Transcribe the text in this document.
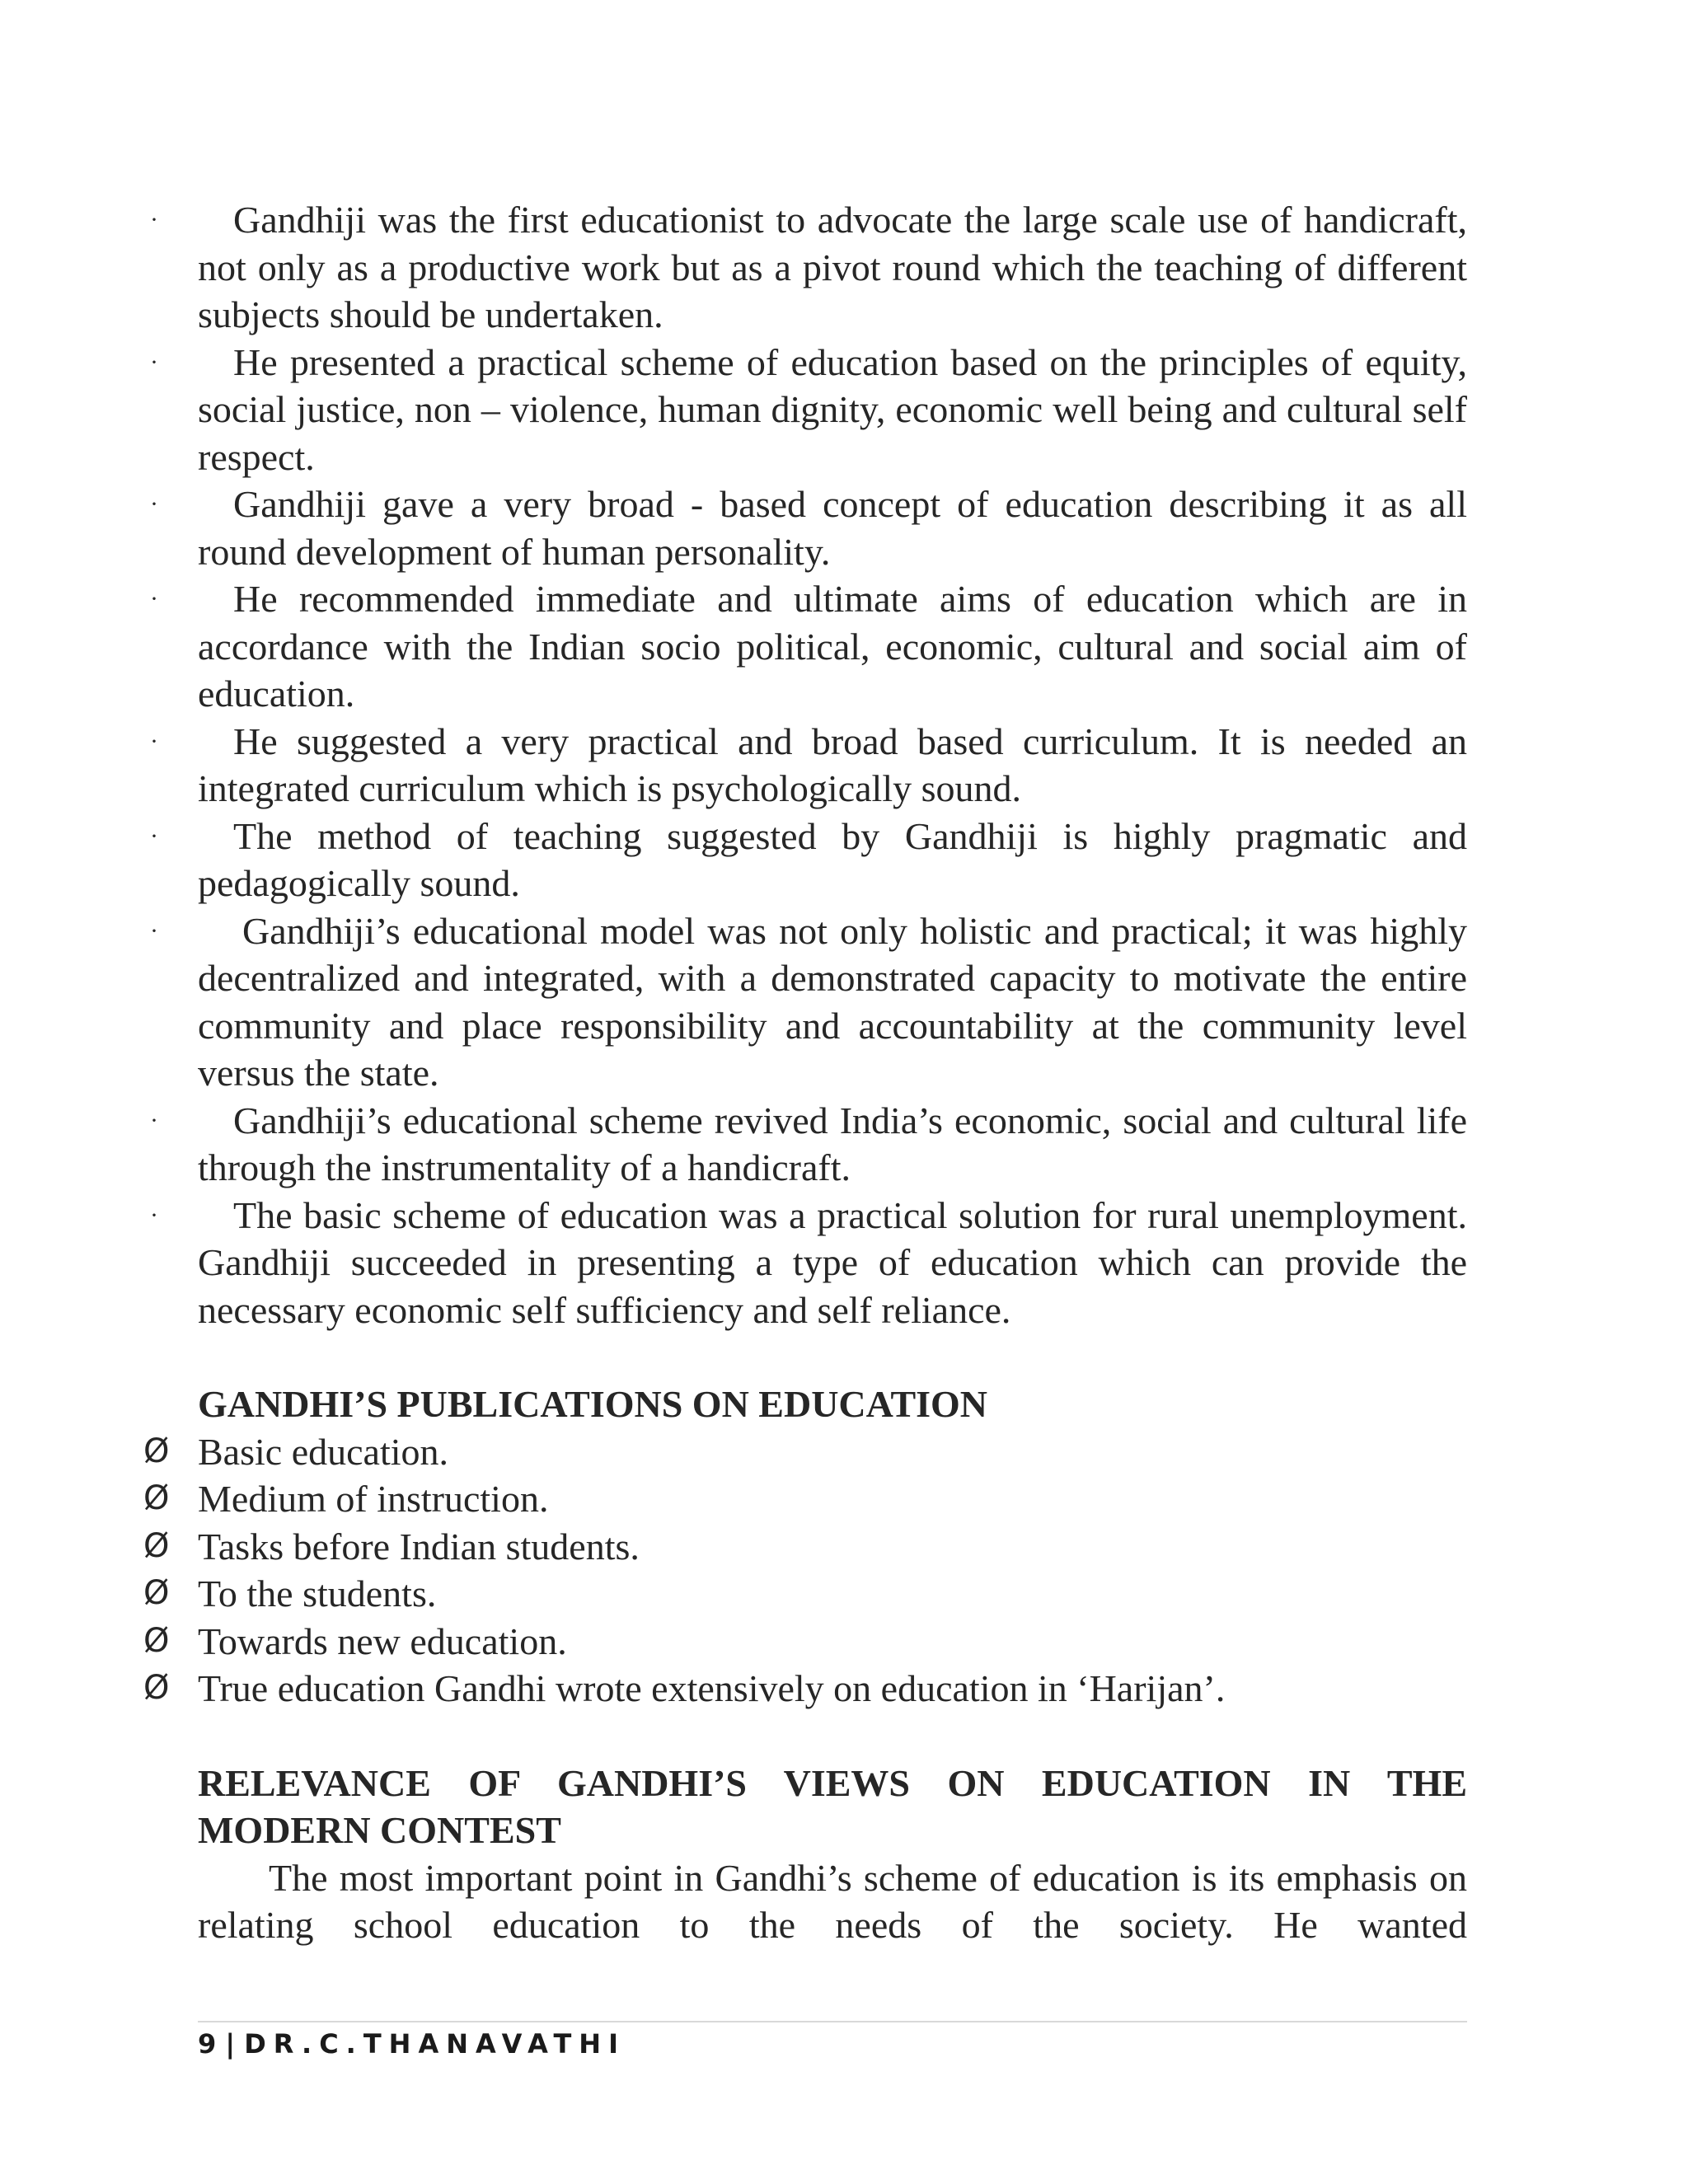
· Gandhiji was the first educationist to advocate the large scale use of handicraft, not only as a productive work but as a pivot round which the teaching of different subjects should be undertaken.
· He presented a practical scheme of education based on the principles of equity, social justice, non – violence, human dignity, economic well being and cultural self respect.
· Gandhiji gave a very broad - based concept of education describing it as all round development of human personality.
· He recommended immediate and ultimate aims of education which are in accordance with the Indian socio political, economic, cultural and social aim of education.
· He suggested a very practical and broad based curriculum. It is needed an integrated curriculum which is psychologically sound.
· The method of teaching suggested by Gandhiji is highly pragmatic and pedagogically sound.
· Gandhiji’s educational model was not only holistic and practical; it was highly decentralized and integrated, with a demonstrated capacity to motivate the entire community and place responsibility and accountability at the community level versus the state.
· Gandhiji’s educational scheme revived India’s economic, social and cultural life through the instrumentality of a handicraft.
· The basic scheme of education was a practical solution for rural unemployment. Gandhiji succeeded in presenting a type of education which can provide the necessary economic self sufficiency and self reliance.
GANDHI’S PUBLICATIONS ON EDUCATION
Ø Basic education.
Ø Medium of instruction.
Ø Tasks before Indian students.
Ø To the students.
Ø Towards new education.
Ø True education Gandhi wrote extensively on education in ‘Harijan’.
RELEVANCE OF GANDHI’S VIEWS ON EDUCATION IN THE
MODERN CONTEST

The most important point in Gandhi’s scheme of education is its emphasis on relating school education to the needs of the society. He wanted

9 | DR.C.THANAVATHI
